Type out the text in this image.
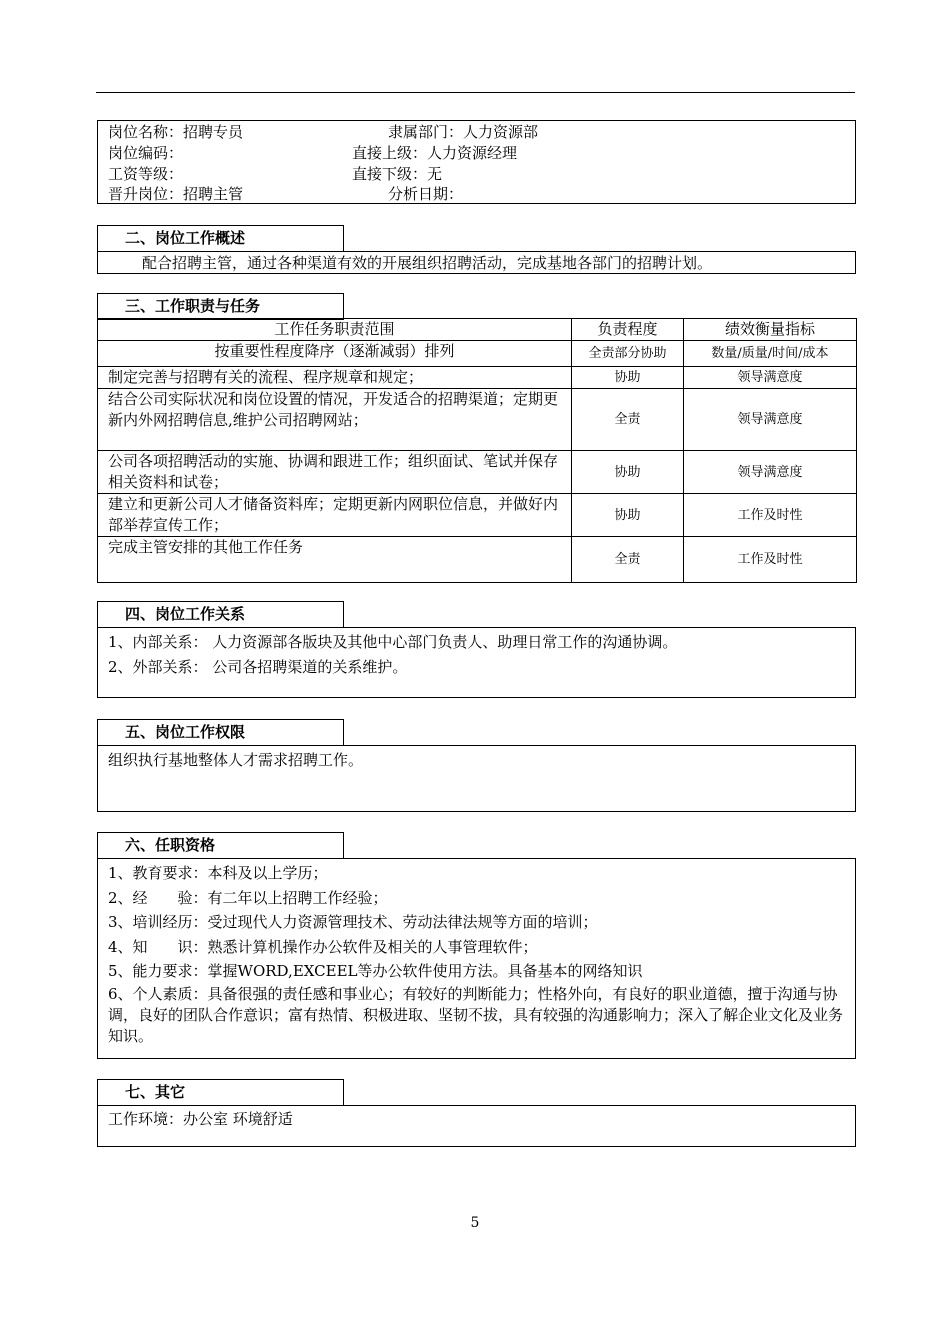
岗位名称：招聘专员	隶属部门：人力资源部
岗位编码：	直接上级：人力资源经理
工资等级：	直接下级：无
晋升岗位：招聘主管	分析日期：
二、岗位工作概述
配合招聘主管，通过各种渠道有效的开展组织招聘活动，完成基地各部门的招聘计划。
三、工作职责与任务
工作任务职责范围	负责程度	绩效衡量指标
按重要性程度降序（逐渐减弱）排列	全责部分协助	数量/质量/时间/成本
制定完善与招聘有关的流程、程序规章和规定；	协助	领导满意度
结合公司实际状况和岗位设置的情况，开发适合的招聘渠道；定期更新内外网招聘信息,维护公司招聘网站；	全责	领导满意度
公司各项招聘活动的实施、协调和跟进工作；组织面试、笔试并保存相关资料和试卷；	协助	领导满意度
建立和更新公司人才储备资料库；定期更新内网职位信息，并做好内部举荐宣传工作；	协助	工作及时性
完成主管安排的其他工作任务	全责	工作及时性
四、岗位工作关系
1、内部关系： 人力资源部各版块及其他中心部门负责人、助理日常工作的沟通协调。
2、外部关系： 公司各招聘渠道的关系维护。
五、岗位工作权限
组织执行基地整体人才需求招聘工作。
六、任职资格
1、教育要求：本科及以上学历；
2、经　　验：有二年以上招聘工作经验；
3、培训经历：受过现代人力资源管理技术、劳动法律法规等方面的培训；
4、知　　识：熟悉计算机操作办公软件及相关的人事管理软件；
5、能力要求：掌握WORD,EXCEEL等办公软件使用方法。具备基本的网络知识
6、个人素质：具备很强的责任感和事业心；有较好的判断能力；性格外向，有良好的职业道德，擅于沟通与协调，良好的团队合作意识；富有热情、积极进取、坚韧不拔，具有较强的沟通影响力；深入了解企业文化及业务知识。
七、其它
工作环境：办公室 环境舒适
5
